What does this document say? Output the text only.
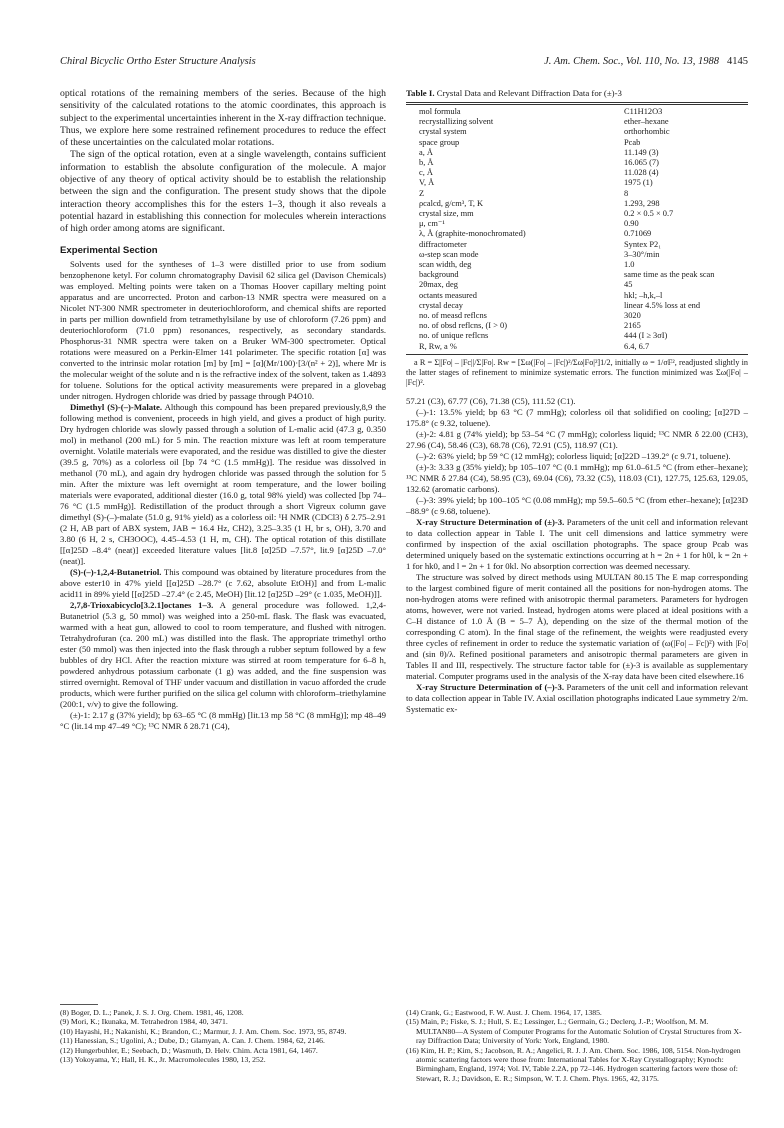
Chiral Bicyclic Ortho Ester Structure Analysis	J. Am. Chem. Soc., Vol. 110, No. 13, 1988 4145

optical rotations of the remaining members of the series. Because of the high sensitivity of the calculated rotations to the atomic coordinates, this approach is subject to the experimental uncertainties inherent in the X-ray diffraction technique. Thus, we explore here some restrained refinement procedures to reduce the effect of these uncertainties on the calculated molar rotations.

The sign of the optical rotation, even at a single wavelength, contains sufficient information to establish the absolute configuration of the molecule. A major objective of any theory of optical activity should be to establish the relationship between the sign and the configuration. The present study shows that the dipole interaction theory accomplishes this for the esters 1–3, though it also reveals a potential hazard in establishing this connection for molecules wherein interactions of high order among atoms are significant.

Experimental Section

Solvents used for the syntheses of 1–3 were distilled prior to use from sodium benzophenone ketyl. For column chromatography Davisil 62 silica gel (Davison Chemicals) was employed. Melting points were taken on a Thomas Hoover capillary melting point apparatus and are uncorrected. Proton and carbon-13 NMR spectra were measured on a Nicolet NT-300 NMR spectrometer in deuteriochloroform, and chemical shifts are reported in parts per million downfield from tetramethylsilane by use of chloroform (7.26 ppm) and deuteriochloroform (71.0 ppm) resonances, respectively, as secondary standards. Phosphorus-31 NMR spectra were taken on a Bruker WM-300 spectrometer. Optical rotations were measured on a Perkin-Elmer 141 polarimeter. The specific rotation [α] was converted to the intrinsic molar rotation [m] by [m] = [α](Mr/100)·[3/(n² + 2)], where Mr is the molecular weight of the solute and n is the refractive index of the solvent, taken as 1.4893 for toluene. Solutions for the optical activity measurements were prepared in a glovebag under nitrogen. Hydrogen chloride was dried by passage through P4O10.

Dimethyl (S)-(–)-Malate. Although this compound has been prepared previously,8,9 the following method is convenient, proceeds in high yield, and gives a product of high purity. Dry hydrogen chloride was slowly passed through a solution of L-malic acid (47.3 g, 0.350 mol) in methanol (200 mL) for 5 min. The reaction mixture was left at room temperature overnight. Volatile materials were evaporated, and the residue was distilled to give the diester (39.5 g, 70%) as a colorless oil [bp 74 °C (1.5 mmHg)]. The residue was dissolved in methanol (70 mL), and again dry hydrogen chloride was passed through the solution for 5 min. After the mixture was left overnight at room temperature, and the lower boiling materials were evaporated, additional diester (16.0 g, total 98% yield) was collected [bp 74–76 °C (1.5 mmHg)]. Redistillation of the product through a short Vigreux column gave dimethyl (S)-(–)-malate (51.0 g, 91% yield) as a colorless oil: ¹H NMR (CDCl3) δ 2.75–2.91 (2 H, AB part of ABX system, JAB = 16.4 Hz, CH2), 3.25–3.35 (1 H, br s, OH), 3.70 and 3.80 (6 H, 2 s, CH3OOC), 4.45–4.53 (1 H, m, CH). The optical rotation of this distillate [[α]25D –8.4° (neat)] exceeded literature values [lit.8 [α]25D –7.57°, lit.9 [α]25D –7.0° (neat)].

(S)-(–)-1,2,4-Butanetriol. This compound was obtained by literature procedures from the above ester10 in 47% yield [[α]25D –28.7° (c 7.62, absolute EtOH)] and from L-malic acid11 in 89% yield [[α]25D –27.4° (c 2.45, MeOH) [lit.12 [α]25D –29° (c 1.035, MeOH)]].

2,7,8-Trioxabicyclo[3.2.1]octanes 1–3. A general procedure was followed. 1,2,4-Butanetriol (5.3 g, 50 mmol) was weighed into a 250-mL flask. The flask was evacuated, warmed with a heat gun, allowed to cool to room temperature, and flushed with nitrogen. Tetrahydrofuran (ca. 200 mL) was distilled into the flask. The appropriate trimethyl ortho ester (50 mmol) was then injected into the flask through a rubber septum followed by a few bubbles of dry HCl. After the reaction mixture was stirred at room temperature for 6–8 h, powdered anhydrous potassium carbonate (1 g) was added, and the fine suspension was stirred overnight. Removal of THF under vacuum and distillation in vacuo afforded the crude products, which were further purified on the silica gel column with chloroform–triethylamine (200:1, v/v) to give the following.

(±)-1: 2.17 g (37% yield); bp 63–65 °C (8 mmHg) [lit.13 mp 58 °C (8 mmHg)]; mp 48–49 °C (lit.14 mp 47–49 °C); ¹³C NMR δ 28.71 (C4),

Table I. Crystal Data and Relevant Diffraction Data for (±)-3
mol formula	C11H12O3
recrystallizing solvent	ether–hexane
crystal system	orthorhombic
space group	Pcab
a, Å	11.149 (3)
b, Å	16.065 (7)
c, Å	11.028 (4)
V, Å	1975 (1)
Z	8
ρcalcd, g/cm³, T, K	1.293, 298
crystal size, mm	0.2 × 0.5 × 0.7
μ, cm⁻¹	0.90
λ, Å (graphite-monochromated)	0.71069
diffractometer	Syntex P2₁
ω-step scan mode	3–30°/min
scan width, deg	1.0
background	same time as the peak scan
2θmax, deg	45
octants measured	hkl; –h,k,–l
crystal decay	linear 4.5% loss at end
no. of measd reflcns	3020
no. of obsd reflcns, (I > 0)	2165
no. of unique reflcns	444 (I ≥ 3σI)
R, Rw, a %	6.4, 6.7
a R = Σ||Fo| – |Fc||/Σ|Fo|. Rw = [Σω(|Fo| – |Fc|)²/Σω|Fo|²]1/2, initially ω = 1/σF², readjusted slightly in the latter stages of refinement to minimize systematic errors. The function minimized was Σω(|Fo| – |Fc|)².

57.21 (C3), 67.77 (C6), 71.38 (C5), 111.52 (C1).

(–)-1: 13.5% yield; bp 63 °C (7 mmHg); colorless oil that solidified on cooling; [α]27D –175.8° (c 9.32, toluene).

(±)-2: 4.81 g (74% yield); bp 53–54 °C (7 mmHg); colorless liquid; ¹³C NMR δ 22.00 (CH3), 27.96 (C4), 58.46 (C3), 68.78 (C6), 72.91 (C5), 118.97 (C1).

(–)-2: 63% yield; bp 59 °C (12 mmHg); colorless liquid; [α]22D –139.2° (c 9.71, toluene).

(±)-3: 3.33 g (35% yield); bp 105–107 °C (0.1 mmHg); mp 61.0–61.5 °C (from ether–hexane); ¹³C NMR δ 27.84 (C4), 58.95 (C3), 69.04 (C6), 73.32 (C5), 118.03 (C1), 127.75, 125.63, 129.05, 132.62 (aromatic carbons).

(–)-3: 39% yield; bp 100–105 °C (0.08 mmHg); mp 59.5–60.5 °C (from ether–hexane); [α]23D –88.9° (c 9.68, toluene).

X-ray Structure Determination of (±)-3. Parameters of the unit cell and information relevant to data collection appear in Table I. The unit cell dimensions and lattice symmetry were confirmed by inspection of the axial oscillation photographs. The space group Pcab was determined uniquely based on the systematic extinctions occurring at h = 2n + 1 for h0l, k = 2n + 1 for hk0, and l = 2n + 1 for 0kl. No absorption correction was deemed necessary.

The structure was solved by direct methods using MULTAN 80.15 The E map corresponding to the largest combined figure of merit contained all the positions for non-hydrogen atoms. The non-hydrogen atoms were refined with anisotropic thermal parameters. Parameters for hydrogen atoms, however, were not varied. Instead, hydrogen atoms were placed at ideal positions with a C–H distance of 1.0 Å (B = 5–7 Å), depending on the size of the thermal motion of the corresponding C atom). In the final stage of the refinement, the weights were readjusted every three cycles of refinement in order to reduce the systematic variation of (ω(|Fo| – Fc|)²) with |Fo| and (sin θ)/λ. Refined positional parameters and anisotropic thermal parameters are given in Tables II and III, respectively. The structure factor table for (±)-3 is available as supplementary material. Computer programs used in the analysis of the X-ray data have been cited elsewhere.16

X-ray Structure Determination of (–)-3. Parameters of the unit cell and information relevant to data collection appear in Table IV. Axial oscillation photographs indicated Laue symmetry 2/m. Systematic ex-

(8) Boger, D. L.; Panek, J. S. J. Org. Chem. 1981, 46, 1208.
(9) Mori, K.; Ikunaka, M. Tetrahedron 1984, 40, 3471.
(10) Hayashi, H.; Nakanishi, K.; Brandon, C.; Marmur, J. J. Am. Chem. Soc. 1973, 95, 8749.
(11) Hanessian, S.; Ugolini, A.; Dube, D.; Glamyan, A. Can. J. Chem. 1984, 62, 2146.
(12) Hungerbuhler, E.; Seebach, D.; Wasmuth, D. Helv. Chim. Acta 1981, 64, 1467.
(13) Yokoyama, Y.; Hall, H. K., Jr. Macromolecules 1980, 13, 252.
(14) Crank, G.; Eastwood, F. W. Aust. J. Chem. 1964, 17, 1385.
(15) Main, P.; Fiske, S. J.; Hull, S. E.; Lessinger, L.; Germain, G.; Declerq, J.-P.; Woolfson, M. M. MULTAN80—A System of Computer Programs for the Automatic Solution of Crystal Structures from X-ray Diffraction Data; University of York: York, England, 1980.
(16) Kim, H. P.; Kim, S.; Jacobson, R. A.; Angelici, R. J. J. Am. Chem. Soc. 1986, 108, 5154. Non-hydrogen atomic scattering factors were those from: International Tables for X-Ray Crystallography; Kynoch: Birmingham, England, 1974; Vol. IV, Table 2.2A, pp 72–146. Hydrogen scattering factors were those of: Stewart, R. J.; Davidson, E. R.; Simpson, W. T. J. Chem. Phys. 1965, 42, 3175.
